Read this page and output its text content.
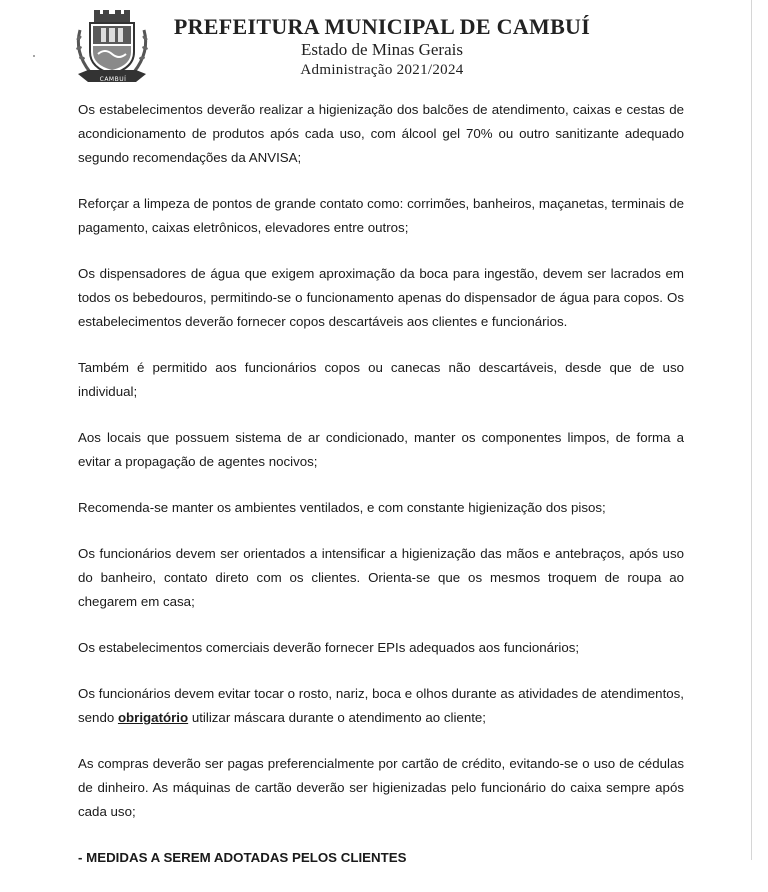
CAMBUÍ
PREFEITURA MUNICIPAL DE CAMBUÍ
Estado de Minas Gerais
Administração 2021/2024

Os estabelecimentos deverão realizar a higienização dos balcões de atendimento, caixas e cestas de acondicionamento de produtos após cada uso, com álcool gel 70% ou outro sanitizante adequado segundo recomendações da ANVISA;

Reforçar a limpeza de pontos de grande contato como: corrimões, banheiros, maçanetas, terminais de pagamento, caixas eletrônicos, elevadores entre outros;

Os dispensadores de água que exigem aproximação da boca para ingestão, devem ser lacrados em todos os bebedouros, permitindo-se o funcionamento apenas do dispensador de água para copos. Os estabelecimentos deverão fornecer copos descartáveis aos clientes e funcionários.

Também é permitido aos funcionários copos ou canecas não descartáveis, desde que de uso individual;

Aos locais que possuem sistema de ar condicionado, manter os componentes limpos, de forma a evitar a propagação de agentes nocivos;

Recomenda-se manter os ambientes ventilados, e com constante higienização dos pisos;

Os funcionários devem ser orientados a intensificar a higienização das mãos e antebraços, após uso do banheiro, contato direto com os clientes. Orienta-se que os mesmos troquem de roupa ao chegarem em casa;

Os estabelecimentos comerciais deverão fornecer EPIs adequados aos funcionários;

Os funcionários devem evitar tocar o rosto, nariz, boca e olhos durante as atividades de atendimentos, sendo obrigatório utilizar máscara durante o atendimento ao cliente;

As compras deverão ser pagas preferencialmente por cartão de crédito, evitando-se o uso de cédulas de dinheiro. As máquinas de cartão deverão ser higienizadas pelo funcionário do caixa sempre após cada uso;

- MEDIDAS A SEREM ADOTADAS PELOS CLIENTES
